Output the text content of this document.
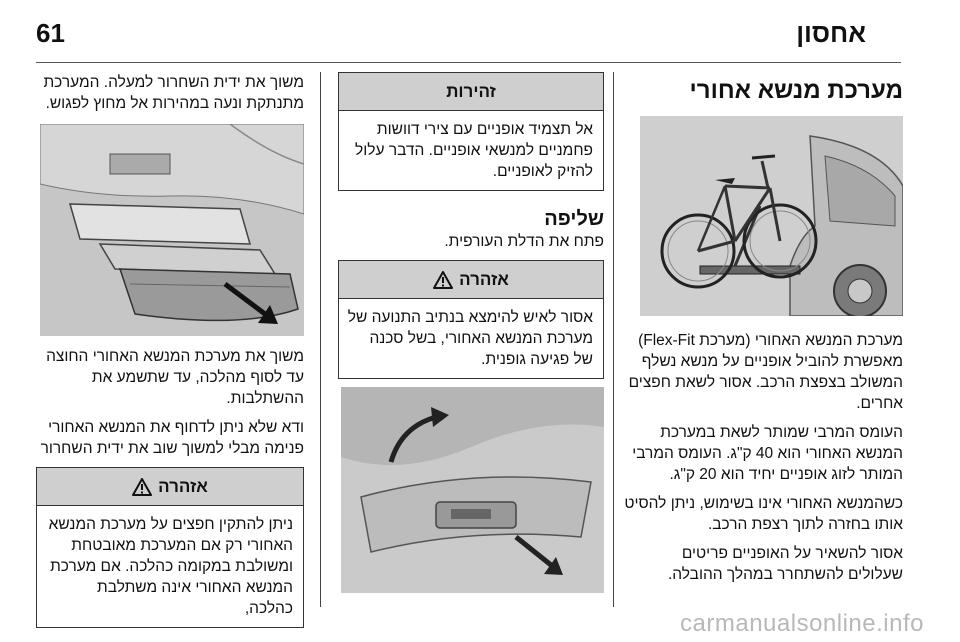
אחסון
61
מערכת מנשא אחורי

מערכת המנשא האחורי (מערכת Flex-Fit) מאפשרת להוביל אופניים על מנשא נשלף המשולב בצפצת הרכב. אסור לשאת חפצים אחרים.

העומס המרבי שמותר לשאת במערכת המנשא האחורי הוא 40 ק"ג. העומס המרבי המותר לזוג אופניים יחיד הוא 20 ק"ג.

כשהמנשא האחורי אינו בשימוש, ניתן להסיט אותו בחזרה לתוך רצפת הרכב.

אסור להשאיר על האופניים פריטים שעלולים להשתחרר במהלך ההובלה.

זהירות
אל תצמיד אופניים עם צירי דוושות פחמניים למנשאי אופניים. הדבר עלול להזיק לאופניים.
שליפה

פתח את הדלת העורפית.

אזהרה
אסור לאיש להימצא בנתיב התנועה של מערכת המנשא האחורי, בשל סכנה של פגיעה גופנית.

משוך את ידית השחרור למעלה. המערכת מתנתקת ונעה במהירות אל מחוץ לפגוש.

משוך את מערכת המנשא האחורי החוצה עד לסוף מהלכה, עד שתשמע את ההשתלבות.

ודא שלא ניתן לדחוף את המנשא האחורי פנימה מבלי למשוך שוב את ידית השחרור

אזהרה
ניתן להתקין חפצים על מערכת המנשא האחורי רק אם המערכת מאובטחת ומשולבת במקומה כהלכה. אם מערכת המנשא האחורי אינה משתלבת כהלכה,
carmanualsonline.info
